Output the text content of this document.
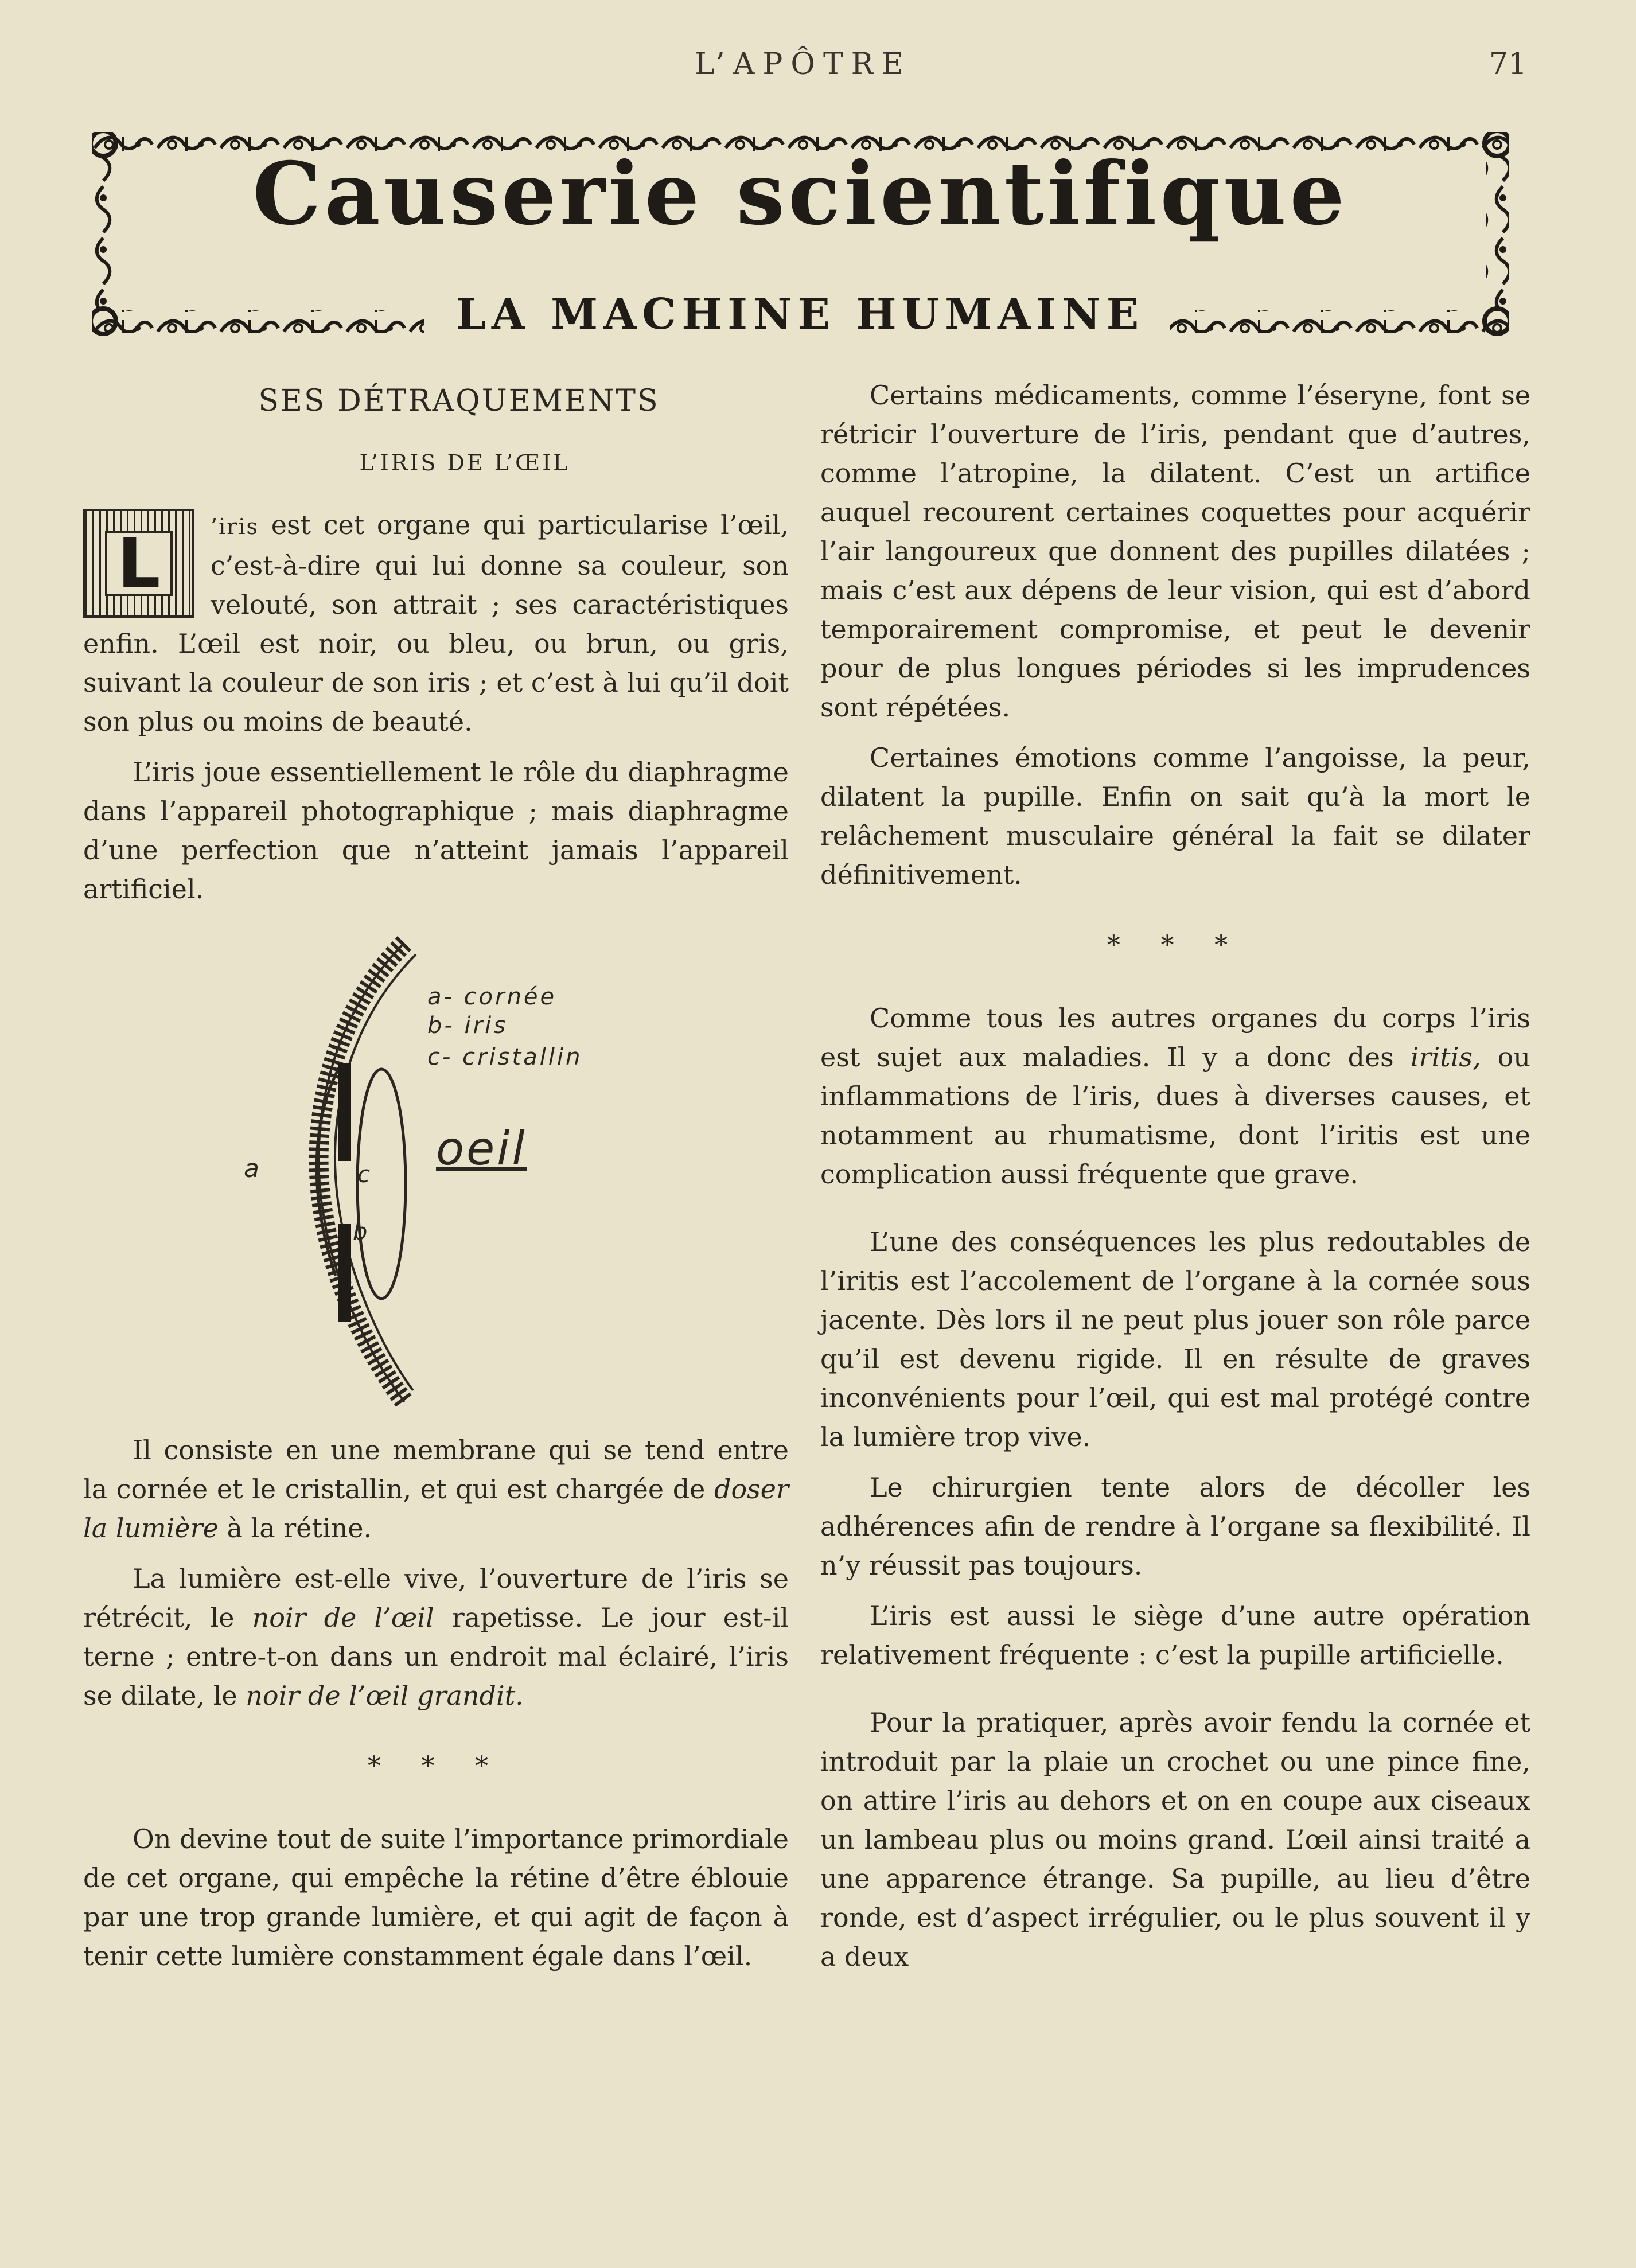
L’APÔTRE	71
Causerie scientifique
LA MACHINE HUMAINE
SES DÉTRAQUEMENTS
L’IRIS DE L’ŒIL
L	’iris est cet organe qui particularise l’œil, c’est-à-dire qui lui donne sa couleur, son velouté, son attrait ; ses caractéristiques enfin. L’œil est noir, ou bleu, ou brun, ou gris, suivant la couleur de son iris ; et c’est à lui qu’il doit son plus ou moins de beauté.

L’iris joue essentiellement le rôle du diaphragme dans l’appareil photographique ; mais diaphragme d’une perfection que n’atteint jamais l’appareil artificiel.

a- cornée
b- iris
c- cristallin
a
b
c oeil

Il consiste en une membrane qui se tend entre la cornée et le cristallin, et qui est chargée de doser la lumière à la rétine.

La lumière est-elle vive, l’ouverture de l’iris se rétrécit, le noir de l’œil rapetisse. Le jour est-il terne ; entre-t-on dans un endroit mal éclairé, l’iris se dilate, le noir de l’œil grandit.

* * *

On devine tout de suite l’importance primordiale de cet organe, qui empêche la rétine d’être éblouie par une trop grande lumière, et qui agit de façon à tenir cette lumière constamment égale dans l’œil.

Certains médicaments, comme l’éseryne, font se rétricir l’ouverture de l’iris, pendant que d’autres, comme l’atropine, la dilatent. C’est un artifice auquel recourent certaines coquettes pour acquérir l’air langoureux que donnent des pupilles dilatées ; mais c’est aux dépens de leur vision, qui est d’abord temporairement compromise, et peut le devenir pour de plus longues périodes si les imprudences sont répétées.

Certaines émotions comme l’angoisse, la peur, dilatent la pupille. Enfin on sait qu’à la mort le relâchement musculaire général la fait se dilater définitivement.

* * *

Comme tous les autres organes du corps l’iris est sujet aux maladies. Il y a donc des iritis, ou inflammations de l’iris, dues à diverses causes, et notamment au rhumatisme, dont l’iritis est une complication aussi fréquente que grave.

L’une des conséquences les plus redoutables de l’iritis est l’accolement de l’organe à la cornée sous jacente. Dès lors il ne peut plus jouer son rôle parce qu’il est devenu rigide. Il en résulte de graves inconvénients pour l’œil, qui est mal protégé contre la lumière trop vive.

Le chirurgien tente alors de décoller les adhérences afin de rendre à l’organe sa flexibilité. Il n’y réussit pas toujours.

L’iris est aussi le siège d’une autre opération relativement fréquente : c’est la pupille artificielle.

Pour la pratiquer, après avoir fendu la cornée et introduit par la plaie un crochet ou une pince fine, on attire l’iris au dehors et on en coupe aux ciseaux un lambeau plus ou moins grand. L’œil ainsi traité a une apparence étrange. Sa pupille, au lieu d’être ronde, est d’aspect irrégulier, ou le plus souvent il y a deux
